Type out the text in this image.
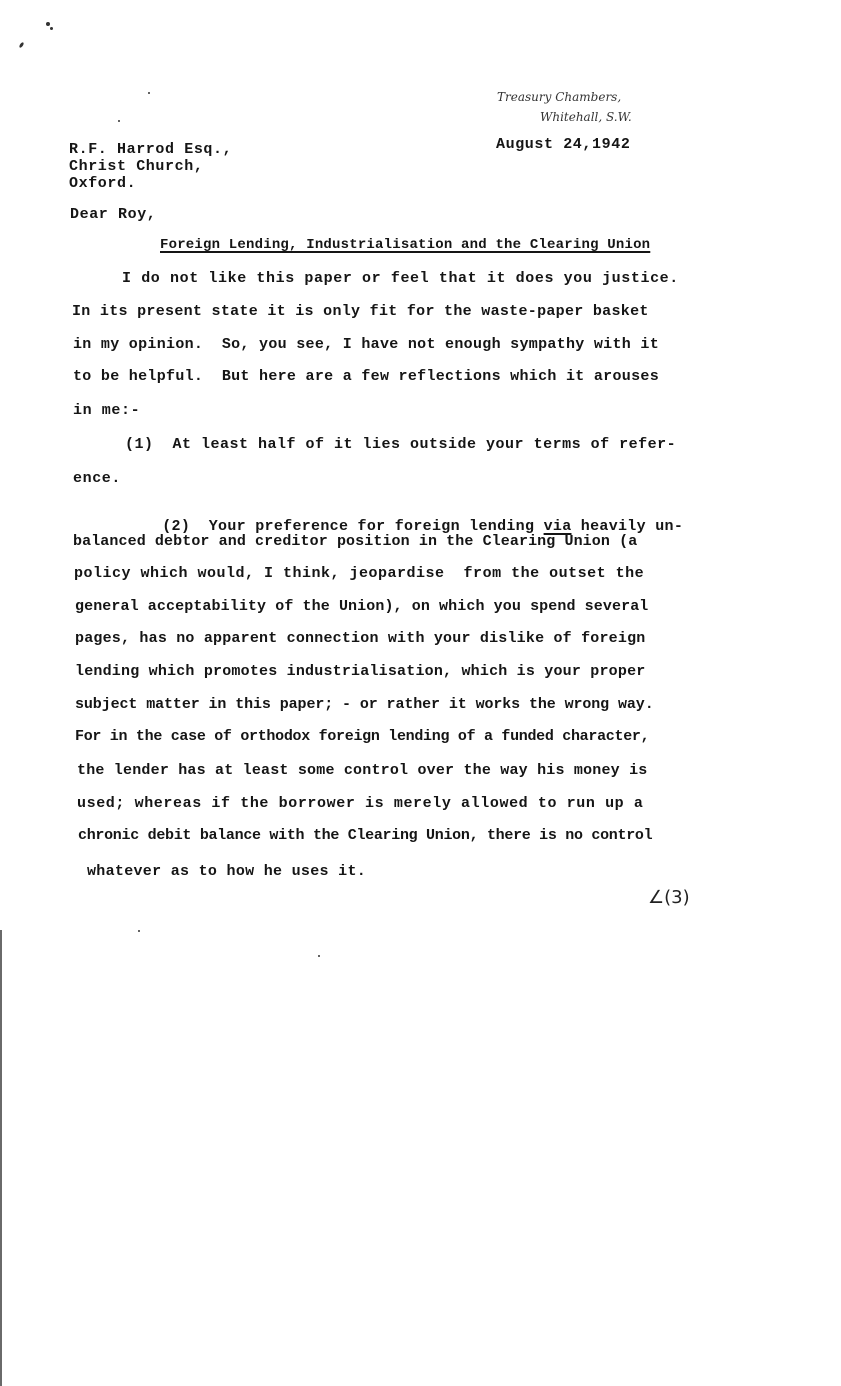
Treasury Chambers,
Whitehall, S.W.
August 24,1942
R.F. Harrod Esq.,
Christ Church,
Oxford.
Dear Roy,
Foreign Lending, Industrialisation and the Clearing Union
I do not like this paper or feel that it does you justice.
In its present state it is only fit for the waste-paper basket
in my opinion.  So, you see, I have not enough sympathy with it
to be helpful.  But here are a few reflections which it arouses
in me:-
(1)  At least half of it lies outside your terms of refer-
ence.

(2)  Your preference for foreign lending via heavily un-

balanced debtor and creditor position in the Clearing Union (a
policy which would, I think, jeopardise  from the outset the
general acceptability of the Union), on which you spend several
pages, has no apparent connection with your dislike of foreign
lending which promotes industrialisation, which is your proper
subject matter in this paper; - or rather it works the wrong way.
For in the case of orthodox foreign lending of a funded character,
the lender has at least some control over the way his money is
used; whereas if the borrower is merely allowed to run up a
chronic debit balance with the Clearing Union, there is no control
whatever as to how he uses it.
∠(3)
